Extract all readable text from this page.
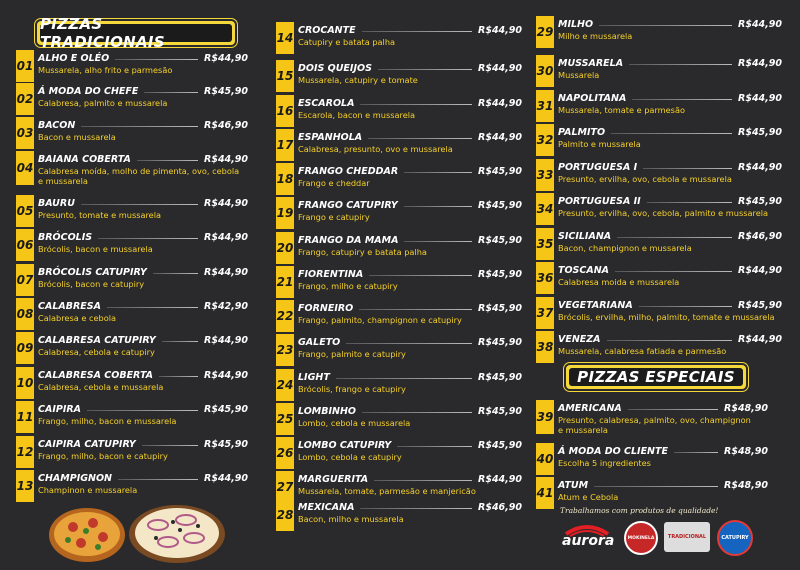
PIZZAS TRADICIONAIS
01
ALHO E OLÉO	R$44,90
Mussarela, alho frito e parmesão
02
Á MODA DO CHEFE	R$45,90
Calabresa, palmito e mussarela
03
BACON	R$46,90
Bacon e mussarela
04
BAIANA COBERTA	R$44,90
Calabresa moída, molho de pimenta, ovo, cebola
e mussarela
05
BAURU	R$44,90
Presunto, tomate e mussarela
06
BRÓCOLIS	R$44,90
Brócolis, bacon e mussarela
07
BRÓCOLIS CATUPIRY	R$44,90
Brócolis, bacon e catupiry
08
CALABRESA	R$42,90
Calabresa e cebola
09
CALABRESA CATUPIRY	R$44,90
Calabresa, cebola e catupiry
10
CALABRESA COBERTA	R$44,90
Calabresa, cebola e mussarela
11
CAIPIRA	R$45,90
Frango, milho, bacon e mussarela
12
CAIPIRA CATUPIRY	R$45,90
Frango, milho, bacon e catupiry
13
CHAMPIGNON	R$44,90
Champinon e mussarela
14
CROCANTE	R$44,90
Catupiry e batata palha
15
DOIS QUEIJOS	R$44,90
Mussarela, catupiry e tomate
16
ESCAROLA	R$44,90
Escarola, bacon e mussarela
17
ESPANHOLA	R$44,90
Calabresa, presunto, ovo e mussarela
18
FRANGO CHEDDAR	R$45,90
Frango e cheddar
19
FRANGO CATUPIRY	R$45,90
Frango e catupiry
20
FRANGO DA MAMA	R$45,90
Frango, catupiry e batata palha
21
FIORENTINA	R$45,90
Frango, milho e catupiry
22
FORNEIRO	R$45,90
Frango, palmito, champignon e catupiry
23
GALETO	R$45,90
Frango, palmito e catupiry
24
LIGHT	R$45,90
Brócolis, frango e catupiry
25
LOMBINHO	R$45,90
Lombo, cebola e mussarela
26
LOMBO CATUPIRY	R$45,90
Lombo, cebola e catupiry
27
MARGUERITA	R$44,90
Mussarela, tomate, parmesão e manjericão
28
MEXICANA	R$46,90
Bacon, milho e mussarela
29
MILHO	R$44,90
Milho e mussarela
30
MUSSARELA	R$44,90
Mussarela
31
NAPOLITANA	R$44,90
Mussarela, tomate e parmesão
32
PALMITO	R$45,90
Palmito e mussarela
33
PORTUGUESA I	R$44,90
Presunto, ervilha, ovo, cebola e mussarela
34
PORTUGUESA II	R$45,90
Presunto, ervilha, ovo, cebola, palmito e mussarela
35
SICILIANA	R$46,90
Bacon, champignon e mussarela
36
TOSCANA	R$44,90
Calabresa moida e mussarela
37
VEGETARIANA	R$45,90
Brócolis, ervilha, milho, palmito, tomate e mussarela
38
VENEZA	R$44,90
Mussarela, calabresa fatiada e parmesão
PIZZAS ESPECIAIS
39
AMERICANA	R$48,90
Presunto, calabresa, palmito, ovo, champignon
e mussarela
40
Á MODA DO CLIENTE	R$48,90
Escolha 5 ingredientes
41
ATUM	R$48,90
Atum e Cebola
Trabalhamos com produtos de qualidade!
aurora	MOKINELA	TRADICIONAL	CATUPIRY
